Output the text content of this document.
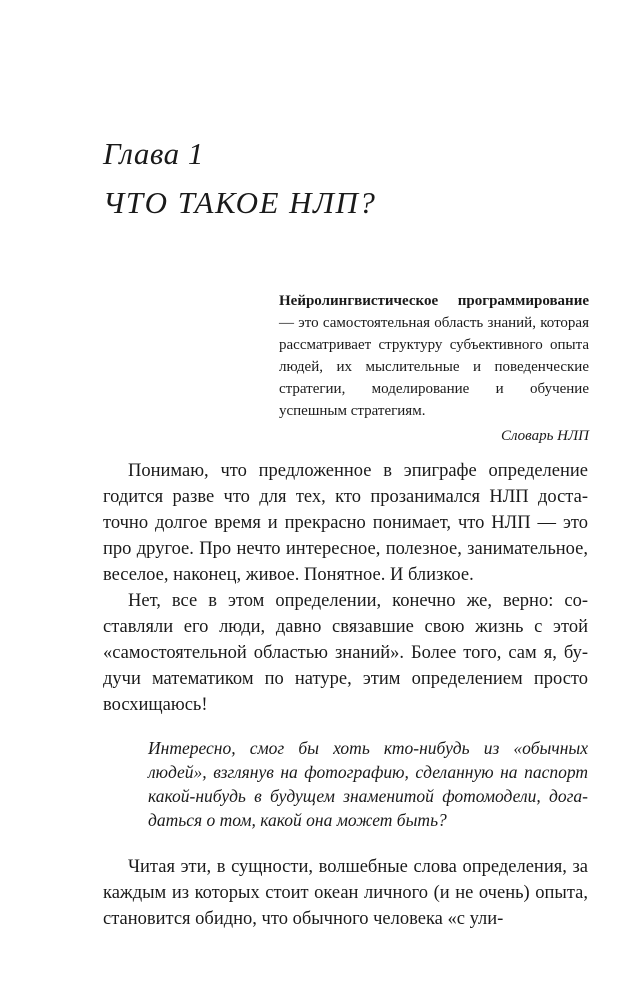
Глава 1
ЧТО ТАКОЕ НЛП?

Нейролингвистическое программирование — это самостоятельная область знаний, которая рассматривает структуру субъективного опыта людей, их мыслительные и поведенческие стратегии, моделирование и обучение успешным стратегиям.

Словарь НЛП

Понимаю, что предложенное в эпиграфе определение годится разве что для тех, кто прозанимался НЛП достаточно долгое время и прекрасно понимает, что НЛП — это про другое. Про нечто интересное, полезное, занимательное, веселое, наконец, живое. Понятное. И близкое.

Нет, все в этом определении, конечно же, верно: составляли его люди, давно связавшие свою жизнь с этой «самостоятельной областью знаний». Более того, сам я, будучи математиком по натуре, этим определением просто восхищаюсь!

Интересно, смог бы хоть кто-нибудь из «обычных людей», взглянув на фотографию, сделанную на паспорт какой-нибудь в будущем знаменитой фотомодели, догадаться о том, какой она может быть?

Читая эти, в сущности, волшебные слова определения, за каждым из которых стоит океан личного (и не очень) опыта, становится обидно, что обычного человека «с ули-
